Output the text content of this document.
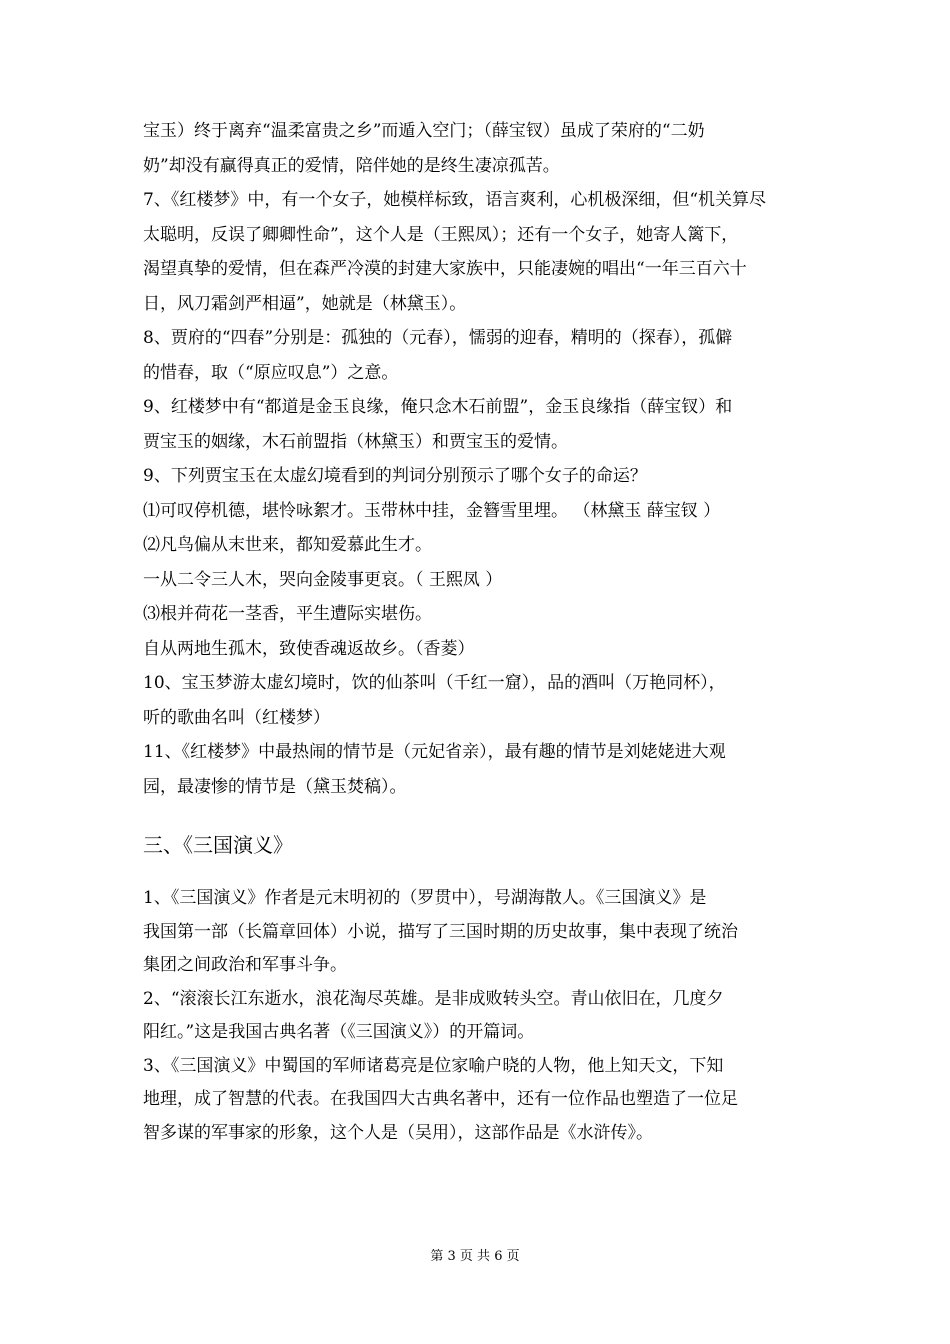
宝玉）终于离弃“温柔富贵之乡”而遁入空门；（薛宝钗）虽成了荣府的“二奶
奶”却没有赢得真正的爱情，陪伴她的是终生凄凉孤苦。
7、《红楼梦》中，有一个女子，她模样标致，语言爽利，心机极深细，但“机关算尽
太聪明，反误了卿卿性命”，这个人是（王熙凤）；还有一个女子，她寄人篱下，
渴望真挚的爱情，但在森严冷漠的封建大家族中，只能凄婉的唱出“一年三百六十
日，风刀霜剑严相逼”，她就是（林黛玉）。
8、贾府的“四春”分别是：孤独的（元春），懦弱的迎春，精明的（探春），孤僻
的惜春，取（“原应叹息”）之意。
9、红楼梦中有“都道是金玉良缘，俺只念木石前盟”，金玉良缘指（薛宝钗）和
贾宝玉的姻缘，木石前盟指（林黛玉）和贾宝玉的爱情。
9、下列贾宝玉在太虚幻境看到的判词分别预示了哪个女子的命运？
⑴可叹停机德，堪怜咏絮才。玉带林中挂，金簪雪里埋。 （林黛玉 薛宝钗 ）
⑵凡鸟偏从末世来，都知爱慕此生才。
一从二令三人木，哭向金陵事更哀。（ 王熙凤 ）
⑶根并荷花一茎香，平生遭际实堪伤。
自从两地生孤木，致使香魂返故乡。（香菱）
10、宝玉梦游太虚幻境时，饮的仙茶叫（千红一窟），品的酒叫（万艳同杯），
听的歌曲名叫（红楼梦）
11、《红楼梦》中最热闹的情节是（元妃省亲），最有趣的情节是刘姥姥进大观
园，最凄惨的情节是（黛玉焚稿）。
三、《三国演义》
1、《三国演义》作者是元末明初的（罗贯中），号湖海散人。《三国演义》是
我国第一部（长篇章回体）小说，描写了三国时期的历史故事，集中表现了统治
集团之间政治和军事斗争。
2、“滚滚长江东逝水，浪花淘尽英雄。是非成败转头空。青山依旧在，几度夕
阳红。”这是我国古典名著（《三国演义》）的开篇词。
3、《三国演义》中蜀国的军师诸葛亮是位家喻户晓的人物，他上知天文，下知
地理，成了智慧的代表。在我国四大古典名著中，还有一位作品也塑造了一位足
智多谋的军事家的形象，这个人是（吴用），这部作品是《水浒传》。
第 3 页 共 6 页
